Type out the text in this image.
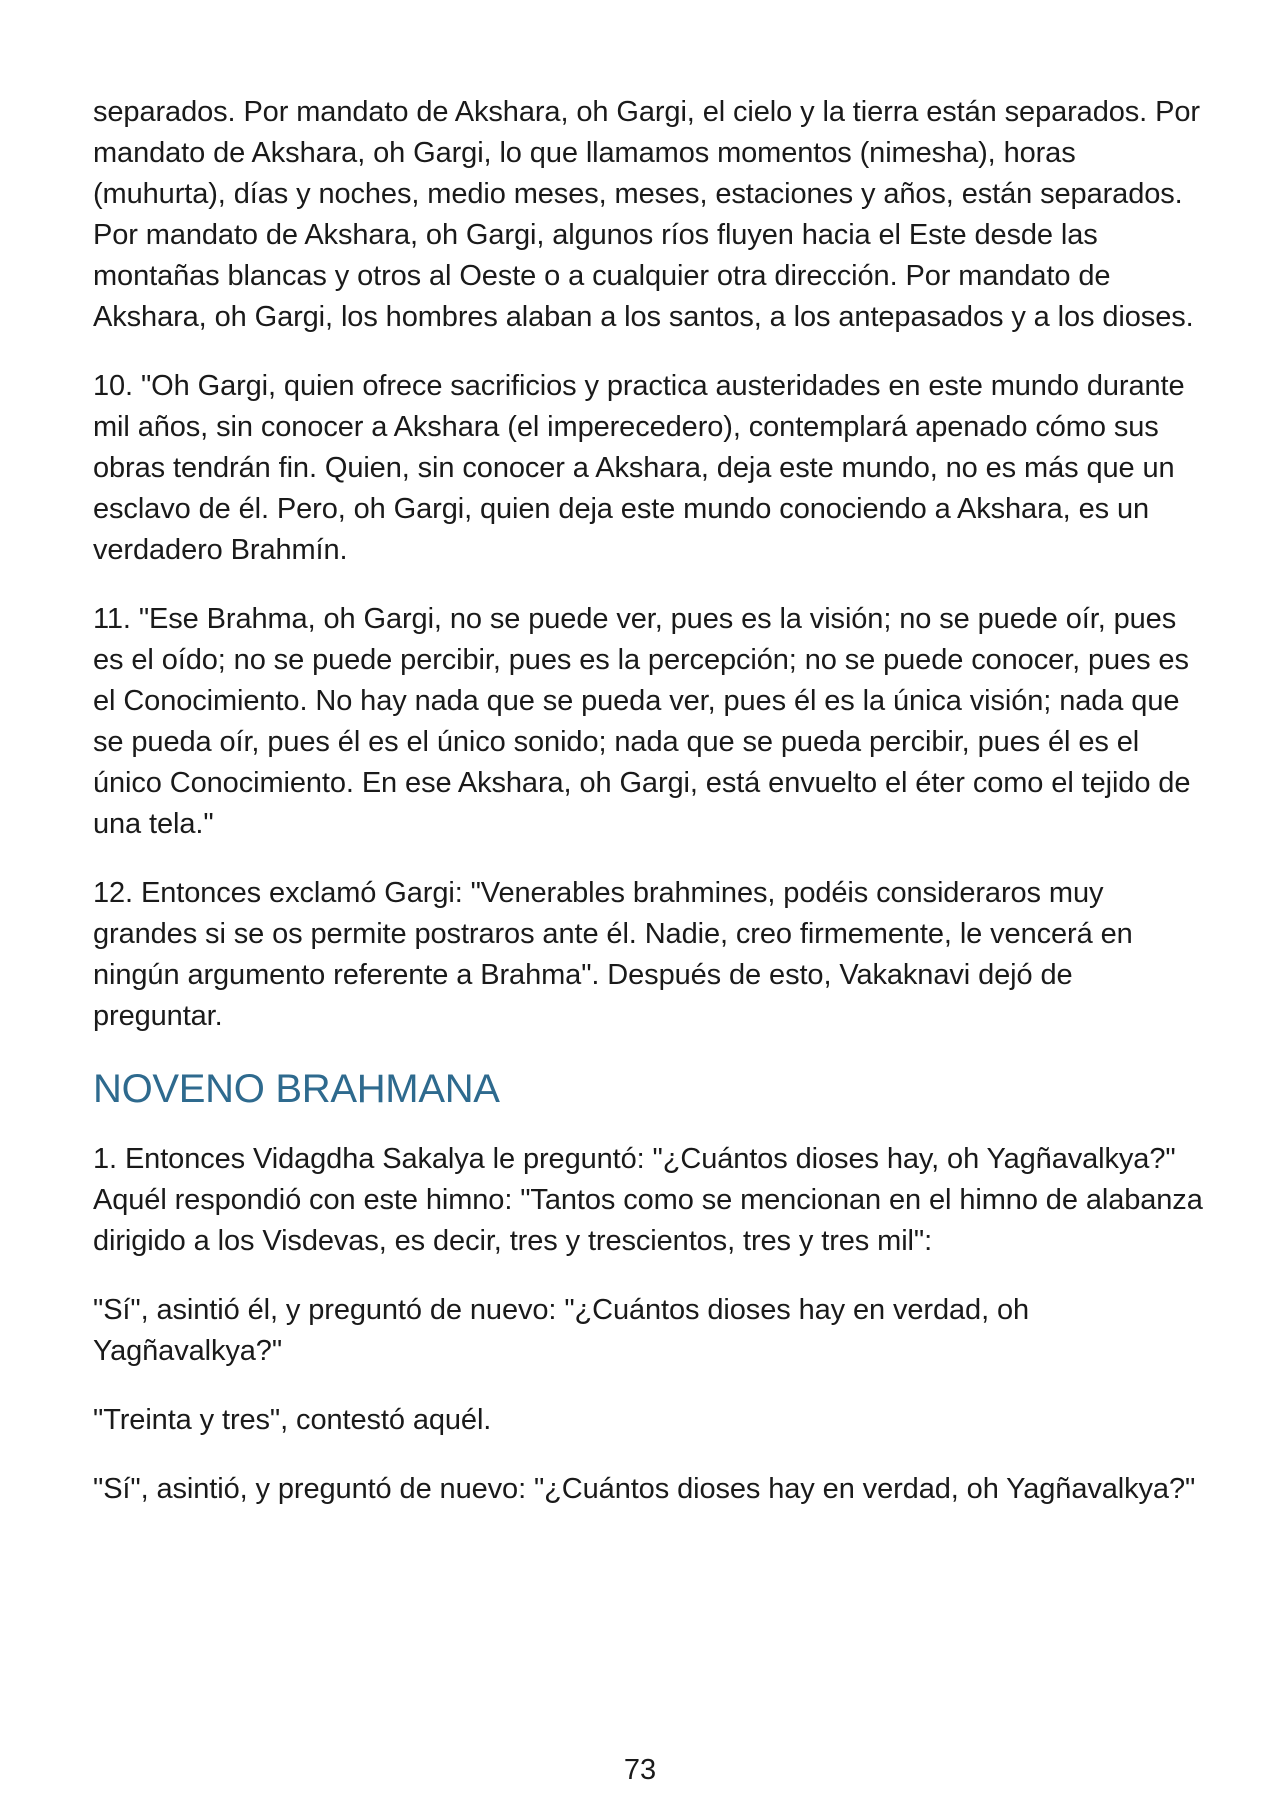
separados. Por mandato de Akshara, oh Gargi, el cielo y la tierra están separados. Por mandato de Akshara, oh Gargi, lo que llamamos momentos (nimesha), horas (muhurta), días y noches, medio meses, meses, estaciones y años, están separados. Por mandato de Akshara, oh Gargi, algunos ríos fluyen hacia el Este desde las montañas blancas y otros al Oeste o a cualquier otra dirección. Por mandato de Akshara, oh Gargi, los hombres alaban a los santos, a los antepasados y a los dioses.

10. "Oh Gargi, quien ofrece sacrificios y practica austeridades en este mundo durante mil años, sin conocer a Akshara (el imperecedero), contemplará apenado cómo sus obras tendrán fin. Quien, sin conocer a Akshara, deja este mundo, no es más que un esclavo de él. Pero, oh Gargi, quien deja este mundo conociendo a Akshara, es un verdadero Brahmín.

11. "Ese Brahma, oh Gargi, no se puede ver, pues es la visión; no se puede oír, pues es el oído; no se puede percibir, pues es la percepción; no se puede conocer, pues es el Conocimiento. No hay nada que se pueda ver, pues él es la única visión; nada que se pueda oír, pues él es el único sonido; nada que se pueda percibir, pues él es el único Conocimiento. En ese Akshara, oh Gargi, está envuelto el éter como el tejido de una tela."

12. Entonces exclamó Gargi: "Venerables brahmines, podéis consideraros muy grandes si se os permite postraros ante él. Nadie, creo firmemente, le vencerá en ningún argumento referente a Brahma". Después de esto, Vakaknavi dejó de preguntar.

NOVENO BRAHMANA

1. Entonces Vidagdha Sakalya le preguntó: "¿Cuántos dioses hay, oh Yagñavalkya?" Aquél respondió con este himno: "Tantos como se mencionan en el himno de alabanza dirigido a los Visdevas, es decir, tres y trescientos, tres y tres mil":

"Sí", asintió él, y preguntó de nuevo: "¿Cuántos dioses hay en verdad, oh Yagñavalkya?"

"Treinta y tres", contestó aquél.

"Sí", asintió, y preguntó de nuevo: "¿Cuántos dioses hay en verdad, oh Yagñavalkya?"

73
